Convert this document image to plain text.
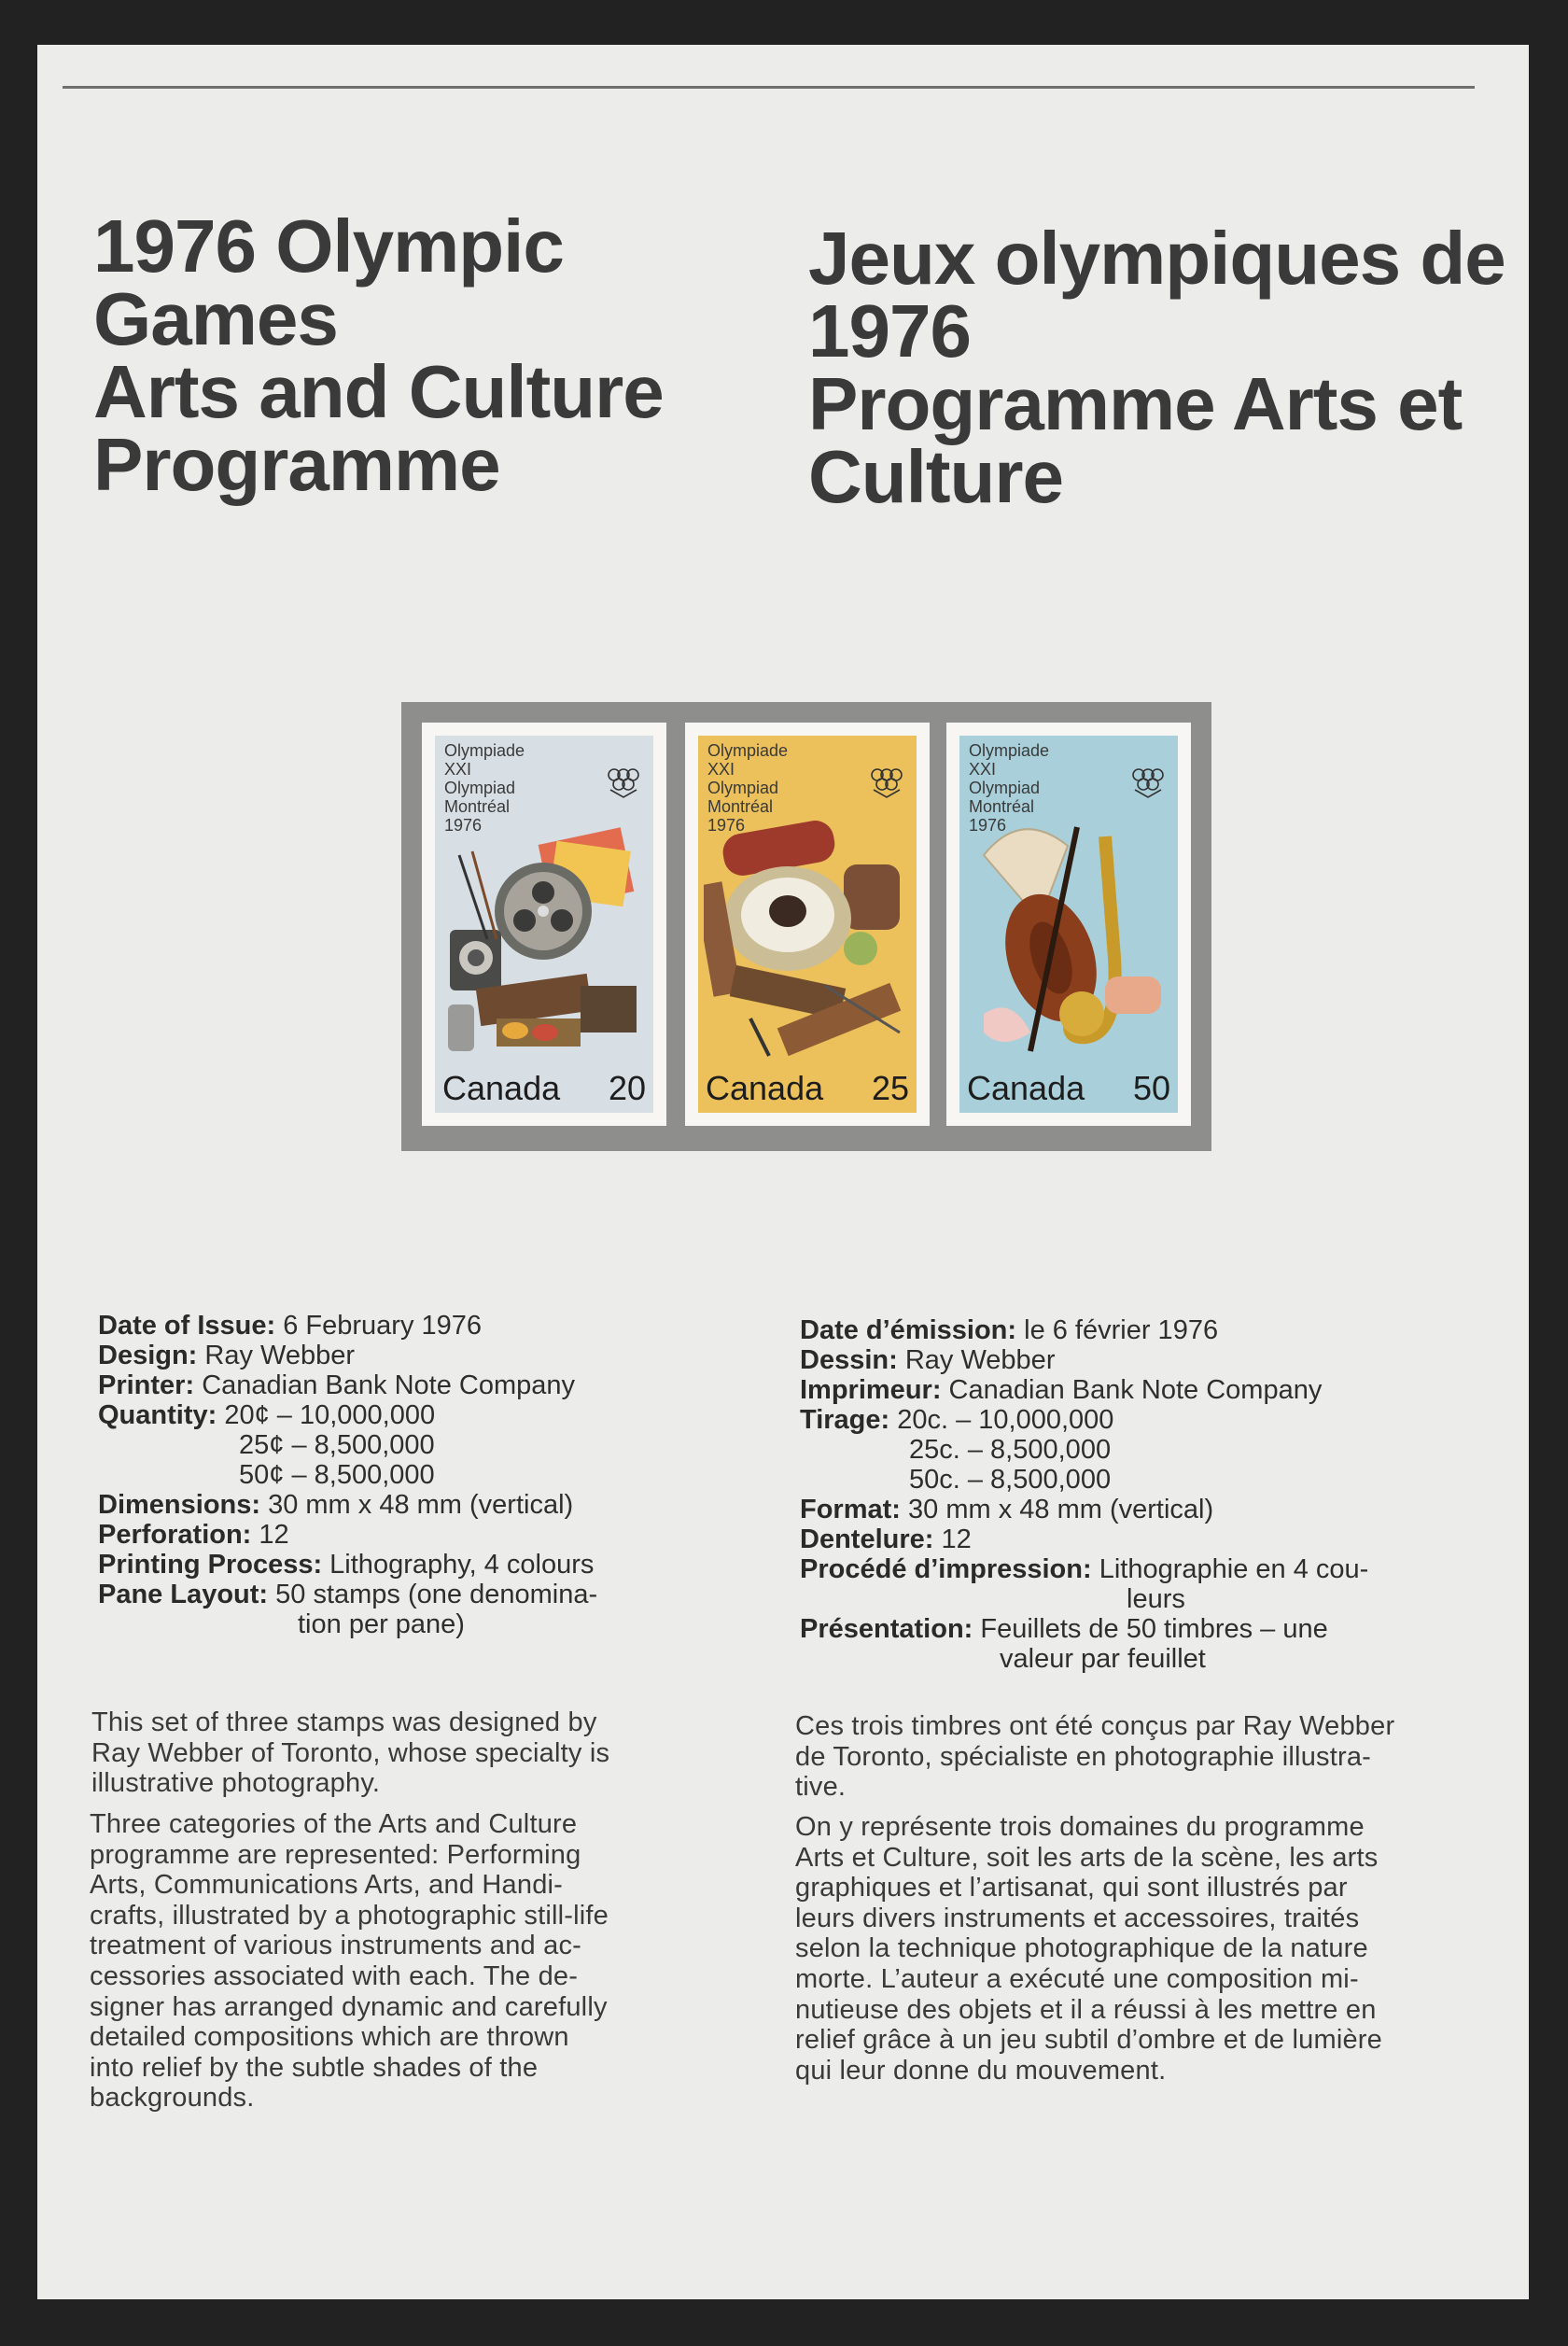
1976 Olympic
Games
Arts and Culture
Programme
Jeux olympiques de
1976
Programme Arts et
Culture
Olympiade
XXI
Olympiad
Montréal
1976
Canada 20
Olympiade
XXI
Olympiad
Montréal
1976
Canada 25
Olympiade
XXI
Olympiad
Montréal
1976
Canada 50
Date of Issue: 6 February 1976
Design: Ray Webber
Printer: Canadian Bank Note Company
Quantity: 20¢ – 10,000,000
25¢ – 8,500,000
50¢ – 8,500,000
Dimensions: 30 mm x 48 mm (vertical)
Perforation: 12
Printing Process: Lithography, 4 colours
Pane Layout: 50 stamps (one denomina-
tion per pane)
Date d’émission: le 6 février 1976
Dessin: Ray Webber
Imprimeur: Canadian Bank Note Company
Tirage: 20c. – 10,000,000
25c. – 8,500,000
50c. – 8,500,000
Format: 30 mm x 48 mm (vertical)
Dentelure: 12
Procédé d’impression: Lithographie en 4 cou-
leurs
Présentation: Feuillets de 50 timbres – une
valeur par feuillet

This set of three stamps was designed by
Ray Webber of Toronto, whose specialty is
illustrative photography.

Three categories of the Arts and Culture
programme are represented: Performing
Arts, Communications Arts, and Handi-
crafts, illustrated by a photographic still-life
treatment of various instruments and ac-
cessories associated with each. The de-
signer has arranged dynamic and carefully
detailed compositions which are thrown
into relief by the subtle shades of the
backgrounds.

Ces trois timbres ont été conçus par Ray Webber
de Toronto, spécialiste en photographie illustra-
tive.

On y représente trois domaines du programme
Arts et Culture, soit les arts de la scène, les arts
graphiques et l’artisanat, qui sont illustrés par
leurs divers instruments et accessoires, traités
selon la technique photographique de la nature
morte. L’auteur a exécuté une composition mi-
nutieuse des objets et il a réussi à les mettre en
relief grâce à un jeu subtil d’ombre et de lumière
qui leur donne du mouvement.
